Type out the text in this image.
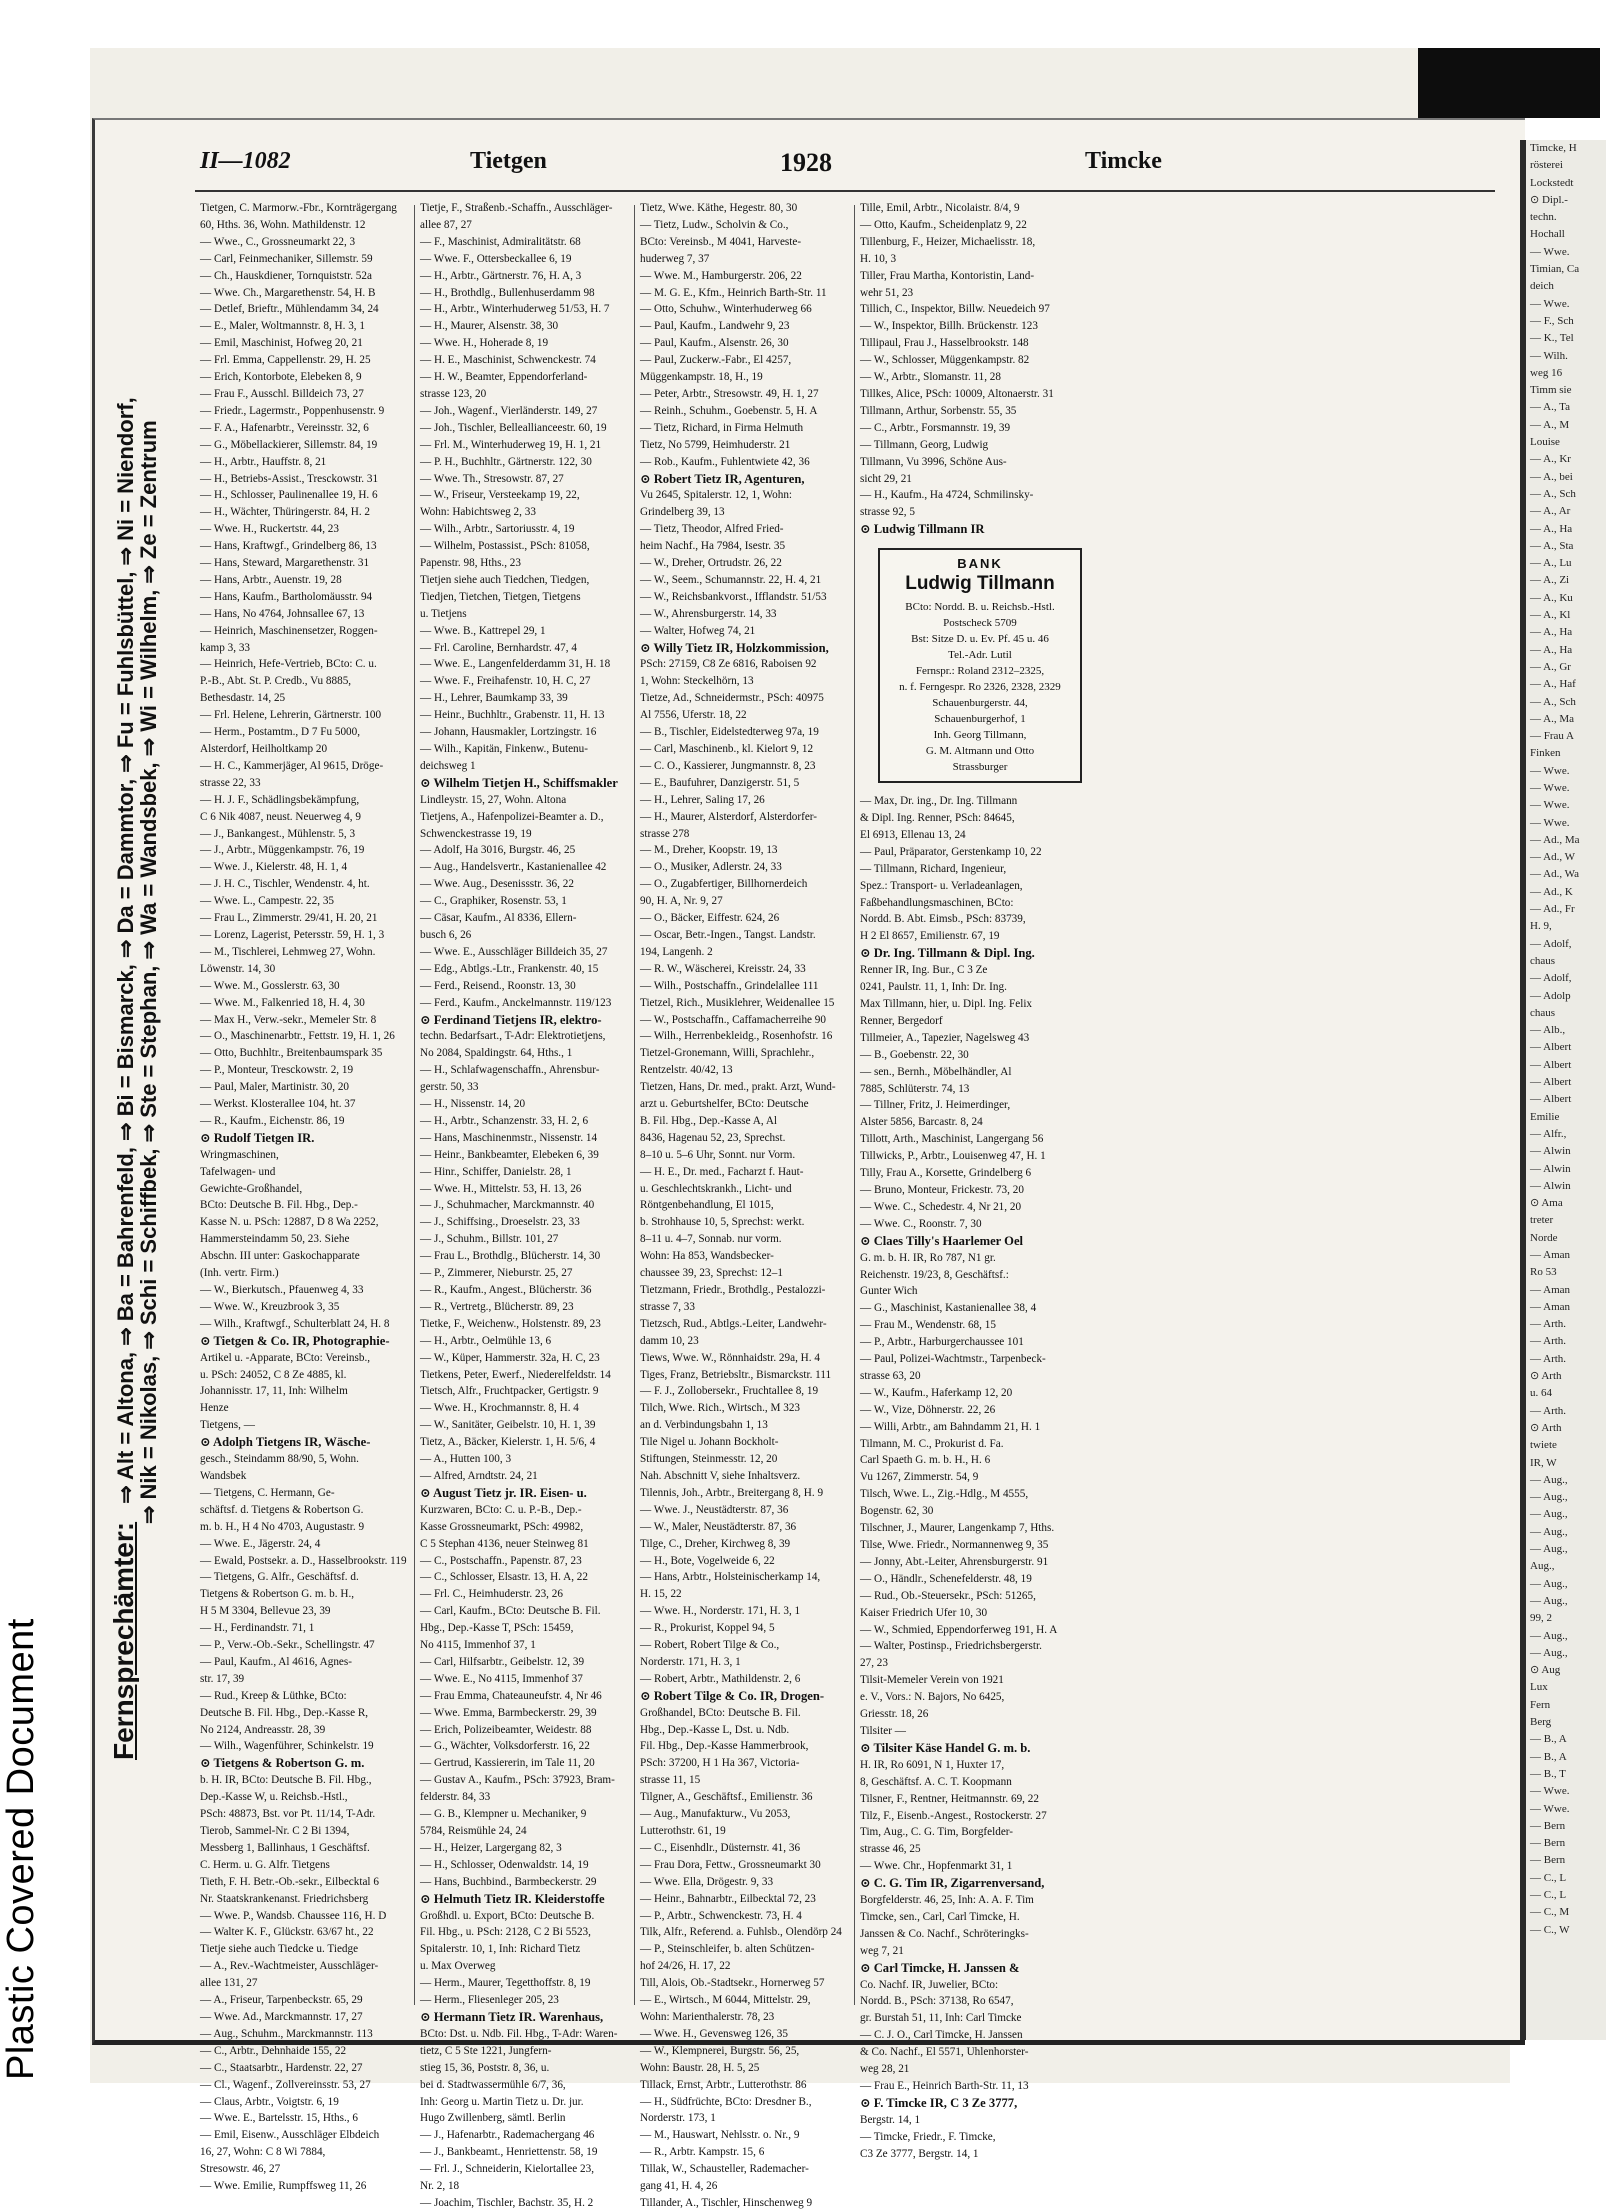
Timcke, H
rösterei
Lockstedt
⊙ Dipl.-
techn.
Hochall
— Wwe.
Timian, Ca
deich
— Wwe.
— F., Sch
— K., Tel
— Wilh.
weg 16
Timm sie
— A., Ta
— A., M
Louise
— A., Kr
— A., bei
— A., Sch
— A., Ar
— A., Ha
— A., Sta
— A., Lu
— A., Zi
— A., Ku
— A., Kl
— A., Ha
— A., Ha
— A., Gr
— A., Haf
— A., Sch
— A., Ma
— Frau A
Finken
— Wwe.
— Wwe.
— Wwe.
— Wwe.
— Ad., Ma
— Ad., W
— Ad., Wa
— Ad., K
— Ad., Fr
H. 9,
— Adolf,
chaus
— Adolf,
— Adolp
chaus
— Alb.,
— Albert
— Albert
— Albert
— Albert
Emilie
— Alfr.,
— Alwin
— Alwin
— Alwin
⊙ Ama
treter
Norde
— Aman
Ro 53
— Aman
— Aman
— Arth.
— Arth.
— Arth.
⊙ Arth
u. 64
— Arth.
⊙ Arth
twiete
IR, W
— Aug.,
— Aug.,
— Aug.,
— Aug.,
— Aug.,
Aug.,
— Aug.,
— Aug.,
99, 2
— Aug.,
— Aug.,
⊙ Aug
Lux
Fern
Berg
— B., A
— B., A
— B., T
— Wwe.
— Wwe.
— Bern
— Bern
— Bern
— C., L
— C., L
— C., M
— C., W
II—1082	Tietgen	1928	Timcke
Fernsprechämter: ⇒ Alt = Altona, ⇒ Ba = Bahrenfeld, ⇒ Bi = Bismarck, ⇒ Da = Dammtor, ⇒ Fu = Fuhlsbüttel, ⇒ Ni = Niendorf,
⇒ Nik = Nikolas, ⇒ Schi = Schiffbek, ⇒ Ste = Stephan, ⇒ Wa = Wandsbek, ⇒ Wi = Wilhelm, ⇒ Ze = Zentrum
Tietgen, C. Marmorw.-Fbr., Kornträgergang
60, Hths. 36, Wohn. Mathildenstr. 12
— Wwe., C., Grossneumarkt 22, 3
— Carl, Feinmechaniker, Sillemstr. 59
— Ch., Hauskdiener, Tornquiststr. 52a
— Wwe. Ch., Margarethenstr. 54, H. B
— Detlef, Brieftr., Mühlendamm 34, 24
— E., Maler, Woltmannstr. 8, H. 3, 1
— Emil, Maschinist, Hofweg 20, 21
— Frl. Emma, Cappellenstr. 29, H. 25
— Erich, Kontorbote, Elebeken 8, 9
— Frau F., Ausschl. Billdeich 73, 27
— Friedr., Lagermstr., Poppenhusenstr. 9
— F. A., Hafenarbtr., Vereinsstr. 32, 6
— G., Möbellackierer, Sillemstr. 84, 19
— H., Arbtr., Hauffstr. 8, 21
— H., Betriebs-Assist., Tresckowstr. 31
— H., Schlosser, Paulinenallee 19, H. 6
— H., Wächter, Thüringerstr. 84, H. 2
— Wwe. H., Ruckertstr. 44, 23
— Hans, Kraftwgf., Grindelberg 86, 13
— Hans, Steward, Margarethenstr. 31
— Hans, Arbtr., Auenstr. 19, 28
— Hans, Kaufm., Bartholomäusstr. 94
— Hans, No 4764, Johnsallee 67, 13
— Heinrich, Maschinensetzer, Roggen-
kamp 3, 33
— Heinrich, Hefe-Vertrieb, BCto: C. u.
P.-B., Abt. St. P. Credb., Vu 8885,
Bethesdastr. 14, 25
— Frl. Helene, Lehrerin, Gärtnerstr. 100
— Herm., Postamtm., D 7 Fu 5000,
Alsterdorf, Heilholtkamp 20
— H. C., Kammerjäger, Al 9615, Dröge-
strasse 22, 33
— H. J. F., Schädlingsbekämpfung,
C 6 Nik 4087, neust. Neuerweg 4, 9
— J., Bankangest., Mühlenstr. 5, 3
— J., Arbtr., Müggenkampstr. 76, 19
— Wwe. J., Kielerstr. 48, H. 1, 4
— J. H. C., Tischler, Wendenstr. 4, ht.
— Wwe. L., Campestr. 22, 35
— Frau L., Zimmerstr. 29/41, H. 20, 21
— Lorenz, Lagerist, Petersstr. 59, H. 1, 3
— M., Tischlerei, Lehmweg 27, Wohn.
Löwenstr. 14, 30
— Wwe. M., Gosslerstr. 63, 30
— Wwe. M., Falkenried 18, H. 4, 30
— Max H., Verw.-sekr., Memeler Str. 8
— O., Maschinenarbtr., Fettstr. 19, H. 1, 26
— Otto, Buchhltr., Breitenbaumspark 35
— P., Monteur, Tresckowstr. 2, 19
— Paul, Maler, Martinistr. 30, 20
— Werkst. Klosterallee 104, ht. 37
— R., Kaufm., Eichenstr. 86, 19
⊙ Rudolf Tietgen IR.
Wringmaschinen,
Tafelwagen- und
Gewichte-Großhandel,
BCto: Deutsche B. Fil. Hbg., Dep.-
Kasse N. u. PSch: 12887, D 8 Wa 2252,
Hammersteindamm 50, 23. Siehe
Abschn. III unter: Gaskochapparate
(Inh. vertr. Firm.)
— W., Bierkutsch., Pfauenweg 4, 33
— Wwe. W., Kreuzbrook 3, 35
— Wilh., Kraftwgf., Schulterblatt 24, H. 8
⊙ Tietgen & Co. IR, Photographie-
Artikel u. -Apparate, BCto: Vereinsb.,
u. PSch: 24052, C 8 Ze 4885, kl.
Johannisstr. 17, 11, Inh: Wilhelm
Henze
Tietgens, —
⊙ Adolph Tietgens IR, Wäsche-
gesch., Steindamm 88/90, 5, Wohn.
Wandsbek
— Tietgens, C. Hermann, Ge-
schäftsf. d. Tietgens & Robertson G.
m. b. H., H 4 No 4703, Augustastr. 9
— Wwe. E., Jägerstr. 24, 4
— Ewald, Postsekr. a. D., Hasselbrookstr. 119
— Tietgens, G. Alfr., Geschäftsf. d.
Tietgens & Robertson G. m. b. H.,
H 5 M 3304, Bellevue 23, 39
— H., Ferdinandstr. 71, 1
— P., Verw.-Ob.-Sekr., Schellingstr. 47
— Paul, Kaufm., Al 4616, Agnes-
str. 17, 39
— Rud., Kreep & Lüthke, BCto:
Deutsche B. Fil. Hbg., Dep.-Kasse R,
No 2124, Andreasstr. 28, 39
— Wilh., Wagenführer, Schinkelstr. 19
⊙ Tietgens & Robertson G. m.
b. H. IR, BCto: Deutsche B. Fil. Hbg.,
Dep.-Kasse W, u. Reichsb.-Hstl.,
PSch: 48873, Bst. vor Pt. 11/14, T-Adr.
Tierob, Sammel-Nr. C 2 Bi 1394,
Messberg 1, Ballinhaus, 1 Geschäftsf.
C. Herm. u. G. Alfr. Tietgens
Tieth, F. H. Betr.-Ob.-sekr., Eilbecktal 6
Nr. Staatskrankenanst. Friedrichsberg
— Wwe. P., Wandsb. Chaussee 116, H. D
— Walter K. F., Glückstr. 63/67 ht., 22
Tietje siehe auch Tiedcke u. Tiedge
— A., Rev.-Wachtmeister, Ausschläger-
allee 131, 27
— A., Friseur, Tarpenbeckstr. 65, 29
— Wwe. Ad., Marckmannstr. 17, 27
— Aug., Schuhm., Marckmannstr. 113
— C., Arbtr., Dehnhaide 155, 22
— C., Staatsarbtr., Hardenstr. 22, 27
— Cl., Wagenf., Zollvereinsstr. 53, 27
— Claus, Arbtr., Voigtstr. 6, 19
— Wwe. E., Bartelsstr. 15, Hths., 6
— Emil, Eisenw., Ausschläger Elbdeich
16, 27, Wohn: C 8 Wi 7884,
Stresowstr. 46, 27
— Wwe. Emilie, Rumpffsweg 11, 26
Tietje, F., Straßenb.-Schaffn., Ausschläger-
allee 87, 27
— F., Maschinist, Admiralitätstr. 68
— Wwe. F., Ottersbeckallee 6, 19
— H., Arbtr., Gärtnerstr. 76, H. A, 3
— H., Brothdlg., Bullenhuserdamm 98
— H., Arbtr., Winterhuderweg 51/53, H. 7
— H., Maurer, Alsenstr. 38, 30
— Wwe. H., Hoherade 8, 19
— H. E., Maschinist, Schwenckestr. 74
— H. W., Beamter, Eppendorferland-
strasse 123, 20
— Joh., Wagenf., Vierländerstr. 149, 27
— Joh., Tischler, Belleallianceestr. 60, 19
— Frl. M., Winterhuderweg 19, H. 1, 21
— P. H., Buchhltr., Gärtnerstr. 122, 30
— Wwe. Th., Stresowstr. 87, 27
— W., Friseur, Versteekamp 19, 22,
Wohn: Habichtsweg 2, 33
— Wilh., Arbtr., Sartoriusstr. 4, 19
— Wilhelm, Postassist., PSch: 81058,
Papenstr. 98, Hths., 23
Tietjen siehe auch Tiedchen, Tiedgen,
Tiedjen, Tietchen, Tietgen, Tietgens
u. Tietjens
— Wwe. B., Kattrepel 29, 1
— Frl. Caroline, Bernhardstr. 47, 4
— Wwe. E., Langenfelderdamm 31, H. 18
— Wwe. F., Freihafenstr. 10, H. C, 27
— H., Lehrer, Baumkamp 33, 39
— Heinr., Buchhltr., Grabenstr. 11, H. 13
— Johann, Hausmakler, Lortzingstr. 16
— Wilh., Kapitän, Finkenw., Butenu-
deichsweg 1
⊙ Wilhelm Tietjen H., Schiffsmakler
Lindleystr. 15, 27, Wohn. Altona
Tietjens, A., Hafenpolizei-Beamter a. D.,
Schwenckestrasse 19, 19
— Adolf, Ha 3016, Burgstr. 46, 25
— Aug., Handelsvertr., Kastanienallee 42
— Wwe. Aug., Desenissstr. 36, 22
— C., Graphiker, Rosenstr. 53, 1
— Cäsar, Kaufm., Al 8336, Ellern-
busch 6, 26
— Wwe. E., Ausschläger Billdeich 35, 27
— Edg., Abtlgs.-Ltr., Frankenstr. 40, 15
— Ferd., Reisend., Roonstr. 13, 30
— Ferd., Kaufm., Anckelmannstr. 119/123
⊙ Ferdinand Tietjens IR, elektro-
techn. Bedarfsart., T-Adr: Elektrotietjens,
No 2084, Spaldingstr. 64, Hths., 1
— H., Schlafwagenschaffn., Ahrensbur-
gerstr. 50, 33
— H., Nissenstr. 14, 20
— H., Arbtr., Schanzenstr. 33, H. 2, 6
— Hans, Maschinenmstr., Nissenstr. 14
— Heinr., Bankbeamter, Elebeken 6, 39
— Hinr., Schiffer, Danielstr. 28, 1
— Wwe. H., Mittelstr. 53, H. 13, 26
— J., Schuhmacher, Marckmannstr. 40
— J., Schiffsing., Droeselstr. 23, 33
— J., Schuhm., Billstr. 101, 27
— Frau L., Brothdlg., Blücherstr. 14, 30
— P., Zimmerer, Nieburstr. 25, 27
— R., Kaufm., Angest., Blücherstr. 36
— R., Vertretg., Blücherstr. 89, 23
Tietke, F., Weichenw., Holstenstr. 89, 23
— H., Arbtr., Oelmühle 13, 6
— W., Küper, Hammerstr. 32a, H. C, 23
Tietkens, Peter, Ewerf., Niederelfeldstr. 14
Tietsch, Alfr., Fruchtpacker, Gertigstr. 9
— Wwe. H., Krochmannstr. 8, H. 4
— W., Sanitäter, Geibelstr. 10, H. 1, 39
Tietz, A., Bäcker, Kielerstr. 1, H. 5/6, 4
— A., Hutten 100, 3
— Alfred, Arndtstr. 24, 21
⊙ August Tietz jr. IR. Eisen- u.
Kurzwaren, BCto: C. u. P.-B., Dep.-
Kasse Grossneumarkt, PSch: 49982,
C 5 Stephan 4136, neuer Steinweg 81
— C., Postschaffn., Papenstr. 87, 23
— C., Schlosser, Elsastr. 13, H. A, 22
— Frl. C., Heimhuderstr. 23, 26
— Carl, Kaufm., BCto: Deutsche B. Fil.
Hbg., Dep.-Kasse T, PSch: 15459,
No 4115, Immenhof 37, 1
— Carl, Hilfsarbtr., Geibelstr. 12, 39
— Wwe. E., No 4115, Immenhof 37
— Frau Emma, Chateauneufstr. 4, Nr 46
— Wwe. Emma, Barmbeckerstr. 29, 39
— Erich, Polizeibeamter, Weidestr. 88
— G., Wächter, Volksdorferstr. 16, 22
— Gertrud, Kassiererin, im Tale 11, 20
— Gustav A., Kaufm., PSch: 37923, Bram-
felderstr. 84, 33
— G. B., Klempner u. Mechaniker, 9
5784, Reismühle 24, 24
— H., Heizer, Largergang 82, 3
— H., Schlosser, Odenwaldstr. 14, 19
— Hans, Buchbind., Barmbeckerstr. 29
⊙ Helmuth Tietz IR. Kleiderstoffe
Großhdl. u. Export, BCto: Deutsche B.
Fil. Hbg., u. PSch: 2128, C 2 Bi 5523,
Spitalerstr. 10, 1, Inh: Richard Tietz
u. Max Overweg
— Herm., Maurer, Tegetthoffstr. 8, 19
— Herm., Fliesenleger 205, 23
⊙ Hermann Tietz IR. Warenhaus,
BCto: Dst. u. Ndb. Fil. Hbg., T-Adr: Waren-
tietz, C 5 Ste 1221, Jungfern-
stieg 15, 36, Poststr. 8, 36, u.
bei d. Stadtwassermühle 6/7, 36,
Inh: Georg u. Martin Tietz u. Dr. jur.
Hugo Zwillenberg, sämtl. Berlin
— J., Hafenarbtr., Rademachergang 46
— J., Bankbeamt., Henriettenstr. 58, 19
— Frl. J., Schneiderin, Kielortallee 23,
Nr. 2, 18
— Joachim, Tischler, Bachstr. 35, H. 2
Tietz, Wwe. Käthe, Hegestr. 80, 30
— Tietz, Ludw., Scholvin & Co.,
BCto: Vereinsb., M 4041, Harveste-
huderweg 7, 37
— Wwe. M., Hamburgerstr. 206, 22
— M. G. E., Kfm., Heinrich Barth-Str. 11
— Otto, Schuhw., Winterhuderweg 66
— Paul, Kaufm., Landwehr 9, 23
— Paul, Kaufm., Alsenstr. 26, 30
— Paul, Zuckerw.-Fabr., El 4257,
Müggenkampstr. 18, H., 19
— Peter, Arbtr., Stresowstr. 49, H. 1, 27
— Reinh., Schuhm., Goebenstr. 5, H. A
— Tietz, Richard, in Firma Helmuth
Tietz, No 5799, Heimhuderstr. 21
— Rob., Kaufm., Fuhlentwiete 42, 36
⊙ Robert Tietz IR, Agenturen,
Vu 2645, Spitalerstr. 12, 1, Wohn:
Grindelberg 39, 13
— Tietz, Theodor, Alfred Fried-
heim Nachf., Ha 7984, Isestr. 35
— W., Dreher, Ortrudstr. 26, 22
— W., Seem., Schumannstr. 22, H. 4, 21
— W., Reichsbankvorst., Ifflandstr. 51/53
— W., Ahrensburgerstr. 14, 33
— Walter, Hofweg 74, 21
⊙ Willy Tietz IR, Holzkommission,
PSch: 27159, C8 Ze 6816, Raboisen 92
1, Wohn: Steckelhörn, 13
Tietze, Ad., Schneidermstr., PSch: 40975
Al 7556, Uferstr. 18, 22
— B., Tischler, Eidelstedterweg 97a, 19
— Carl, Maschinenb., kl. Kielort 9, 12
— C. O., Kassierer, Jungmannstr. 8, 23
— E., Baufuhrer, Danzigerstr. 51, 5
— H., Lehrer, Saling 17, 26
— H., Maurer, Alsterdorf, Alsterdorfer-
strasse 278
— M., Dreher, Koopstr. 19, 13
— O., Musiker, Adlerstr. 24, 33
— O., Zugabfertiger, Billhornerdeich
90, H. A, Nr. 9, 27
— O., Bäcker, Eiffestr. 624, 26
— Oscar, Betr.-Ingen., Tangst. Landstr.
194, Langenh. 2
— R. W., Wäscherei, Kreisstr. 24, 33
— Wilh., Postschaffn., Grindelallee 111
Tietzel, Rich., Musiklehrer, Weidenallee 15
— W., Postschaffn., Caffamacherreihe 90
— Wilh., Herrenbekleidg., Rosenhofstr. 16
Tietzel-Gronemann, Willi, Sprachlehr.,
Rentzelstr. 40/42, 13
Tietzen, Hans, Dr. med., prakt. Arzt, Wund-
arzt u. Geburtshelfer, BCto: Deutsche
B. Fil. Hbg., Dep.-Kasse A, Al
8436, Hagenau 52, 23, Sprechst.
8–10 u. 5–6 Uhr, Sonnt. nur Vorm.
— H. E., Dr. med., Facharzt f. Haut-
u. Geschlechtskrankh., Licht- und
Röntgenbehandlung, El 1015,
b. Strohhause 10, 5, Sprechst: werkt.
8–11 u. 4–7, Sonnab. nur vorm.
Wohn: Ha 853, Wandsbecker-
chaussee 39, 23, Sprechst: 12–1
Tietzmann, Friedr., Brothdlg., Pestalozzi-
strasse 7, 33
Tietzsch, Rud., Abtlgs.-Leiter, Landwehr-
damm 10, 23
Tiews, Wwe. W., Rönnhaidstr. 29a, H. 4
Tiges, Franz, Betriebsltr., Bismarckstr. 111
— F. J., Zollobersekr., Fruchtallee 8, 19
Tilch, Wwe. Rich., Wirtsch., M 323
an d. Verbindungsbahn 1, 13
Tile Nigel u. Johann Bockholt-
Stiftungen, Steinmesstr. 12, 20
Nah. Abschnitt V, siehe Inhaltsverz.
Tilennis, Joh., Arbtr., Breitergang 8, H. 9
— Wwe. J., Neustädterstr. 87, 36
— W., Maler, Neustädterstr. 87, 36
Tilge, C., Dreher, Kirchweg 8, 39
— H., Bote, Vogelweide 6, 22
— Hans, Arbtr., Holsteinischerkamp 14,
H. 15, 22
— Wwe. H., Norderstr. 171, H. 3, 1
— R., Prokurist, Koppel 94, 5
— Robert, Robert Tilge & Co.,
Norderstr. 171, H. 3, 1
— Robert, Arbtr., Mathildenstr. 2, 6
⊙ Robert Tilge & Co. IR, Drogen-
Großhandel, BCto: Deutsche B. Fil.
Hbg., Dep.-Kasse L, Dst. u. Ndb.
Fil. Hbg., Dep.-Kasse Hammerbrook,
PSch: 37200, H 1 Ha 367, Victoria-
strasse 11, 15
Tilgner, A., Geschäftsf., Emilienstr. 36
— Aug., Manufakturw., Vu 2053,
Lutterothstr. 61, 19
— C., Eisenhdlr., Düsternstr. 41, 36
— Frau Dora, Fettw., Grossneumarkt 30
— Wwe. Ella, Drögestr. 9, 33
— Heinr., Bahnarbtr., Eilbecktal 72, 23
— P., Arbtr., Schwenckestr. 73, H. 4
Tilk, Alfr., Referend. a. Fuhlsb., Olendörp 24
— P., Steinschleifer, b. alten Schützen-
hof 24/26, H. 17, 22
Till, Alois, Ob.-Stadtsekr., Hornerweg 57
— E., Wirtsch., M 6044, Mittelstr. 29,
Wohn: Marienthalerstr. 78, 23
— Wwe. H., Gevensweg 126, 35
— W., Klempnerei, Burgstr. 56, 25,
Wohn: Baustr. 28, H. 5, 25
Tillack, Ernst, Arbtr., Lutterothstr. 86
— H., Südfrüchte, BCto: Dresdner B.,
Norderstr. 173, 1
— M., Hauswart, Nehlsstr. o. Nr., 9
— R., Arbtr. Kampstr. 15, 6
Tillak, W., Schausteller, Rademacher-
gang 41, H. 4, 26
Tillander, A., Tischler, Hinschenweg 9
Tille, Emil, Arbtr., Nicolaistr. 8/4, 9
— Otto, Kaufm., Scheidenplatz 9, 22
Tillenburg, F., Heizer, Michaelisstr. 18,
H. 10, 3
Tiller, Frau Martha, Kontoristin, Land-
wehr 51, 23
Tillich, C., Inspektor, Billw. Neuedeich 97
— W., Inspektor, Billh. Brückenstr. 123
Tillipaul, Frau J., Hasselbrookstr. 148
— W., Schlosser, Müggenkampstr. 82
— W., Arbtr., Slomanstr. 11, 28
Tillkes, Alice, PSch: 10009, Altonaerstr. 31
Tillmann, Arthur, Sorbenstr. 55, 35
— C., Arbtr., Forsmannstr. 19, 39
— Tillmann, Georg, Ludwig
Tillmann, Vu 3996, Schöne Aus-
sicht 29, 21
— H., Kaufm., Ha 4724, Schmilinsky-
strasse 92, 5
⊙ Ludwig Tillmann IR
BANK
Ludwig Tillmann
BCto: Nordd. B. u. Reichsb.-Hstl.
Postscheck 5709
Bst: Sitze D. u. Ev. Pf. 45 u. 46
Tel.-Adr. Lutil
Fernspr.: Roland 2312–2325,
n. f. Ferngespr. Ro 2326, 2328, 2329
Schauenburgerstr. 44,
Schauenburgerhof, 1
Inh. Georg Tillmann,
G. M. Altmann und Otto
Strassburger
— Max, Dr. ing., Dr. Ing. Tillmann
& Dipl. Ing. Renner, PSch: 84645,
El 6913, Ellenau 13, 24
— Paul, Präparator, Gerstenkamp 10, 22
— Tillmann, Richard, Ingenieur,
Spez.: Transport- u. Verladeanlagen,
Faßbehandlungsmaschinen, BCto:
Nordd. B. Abt. Eimsb., PSch: 83739,
H 2 El 8657, Emilienstr. 67, 19
⊙ Dr. Ing. Tillmann & Dipl. Ing.
Renner IR, Ing. Bur., C 3 Ze
0241, Paulstr. 11, 1, Inh: Dr. Ing.
Max Tillmann, hier, u. Dipl. Ing. Felix
Renner, Bergedorf
Tillmeier, A., Tapezier, Nagelsweg 43
— B., Goebenstr. 22, 30
— sen., Bernh., Möbelhändler, Al
7885, Schlüterstr. 74, 13
— Tillner, Fritz, J. Heimerdinger,
Alster 5856, Barcastr. 8, 24
Tillott, Arth., Maschinist, Langergang 56
Tillwicks, P., Arbtr., Louisenweg 47, H. 1
Tilly, Frau A., Korsette, Grindelberg 6
— Bruno, Monteur, Frickestr. 73, 20
— Wwe. C., Schedestr. 4, Nr 21, 20
— Wwe. C., Roonstr. 7, 30
⊙ Claes Tilly's Haarlemer Oel
G. m. b. H. IR, Ro 787, N1 gr.
Reichenstr. 19/23, 8, Geschäftsf.:
Gunter Wich
— G., Maschinist, Kastanienallee 38, 4
— Frau M., Wendenstr. 68, 15
— P., Arbtr., Harburgerchaussee 101
— Paul, Polizei-Wachtmstr., Tarpenbeck-
strasse 63, 20
— W., Kaufm., Haferkamp 12, 20
— W., Vize, Döhnerstr. 22, 26
— Willi, Arbtr., am Bahndamm 21, H. 1
Tilmann, M. C., Prokurist d. Fa.
Carl Spaeth G. m. b. H., H. 6
Vu 1267, Zimmerstr. 54, 9
Tilsch, Wwe. L., Zig.-Hdlg., M 4555,
Bogenstr. 62, 30
Tilschner, J., Maurer, Langenkamp 7, Hths.
Tilse, Wwe. Friedr., Normannenweg 9, 35
— Jonny, Abt.-Leiter, Ahrensburgerstr. 91
— O., Händlr., Schenefelderstr. 48, 19
— Rud., Ob.-Steuersekr., PSch: 51265,
Kaiser Friedrich Ufer 10, 30
— W., Schmied, Eppendorferweg 191, H. A
— Walter, Postinsp., Friedrichsbergerstr.
27, 23
Tilsit-Memeler Verein von 1921
e. V., Vors.: N. Bajors, No 6425,
Griesstr. 18, 26
Tilsiter —
⊙ Tilsiter Käse Handel G. m. b.
H. IR, Ro 6091, N 1, Huxter 17,
8, Geschäftsf. A. C. T. Koopmann
Tilsner, F., Rentner, Heitmannstr. 69, 22
Tilz, F., Eisenb.-Angest., Rostockerstr. 27
Tim, Aug., C. G. Tim, Borgfelder-
strasse 46, 25
— Wwe. Chr., Hopfenmarkt 31, 1
⊙ C. G. Tim IR, Zigarrenversand,
Borgfelderstr. 46, 25, Inh: A. A. F. Tim
Timcke, sen., Carl, Carl Timcke, H.
Janssen & Co. Nachf., Schröteringks-
weg 7, 21
⊙ Carl Timcke, H. Janssen &
Co. Nachf. IR, Juwelier, BCto:
Nordd. B., PSch: 37138, Ro 6547,
gr. Burstah 51, 11, Inh: Carl Timcke
— C. J. O., Carl Timcke, H. Janssen
& Co. Nachf., El 5571, Uhlenhorster-
weg 28, 21
— Frau E., Heinrich Barth-Str. 11, 13
⊙ F. Timcke IR, C 3 Ze 3777,
Bergstr. 14, 1
— Timcke, Friedr., F. Timcke,
C3 Ze 3777, Bergstr. 14, 1
Plastic Covered Document
